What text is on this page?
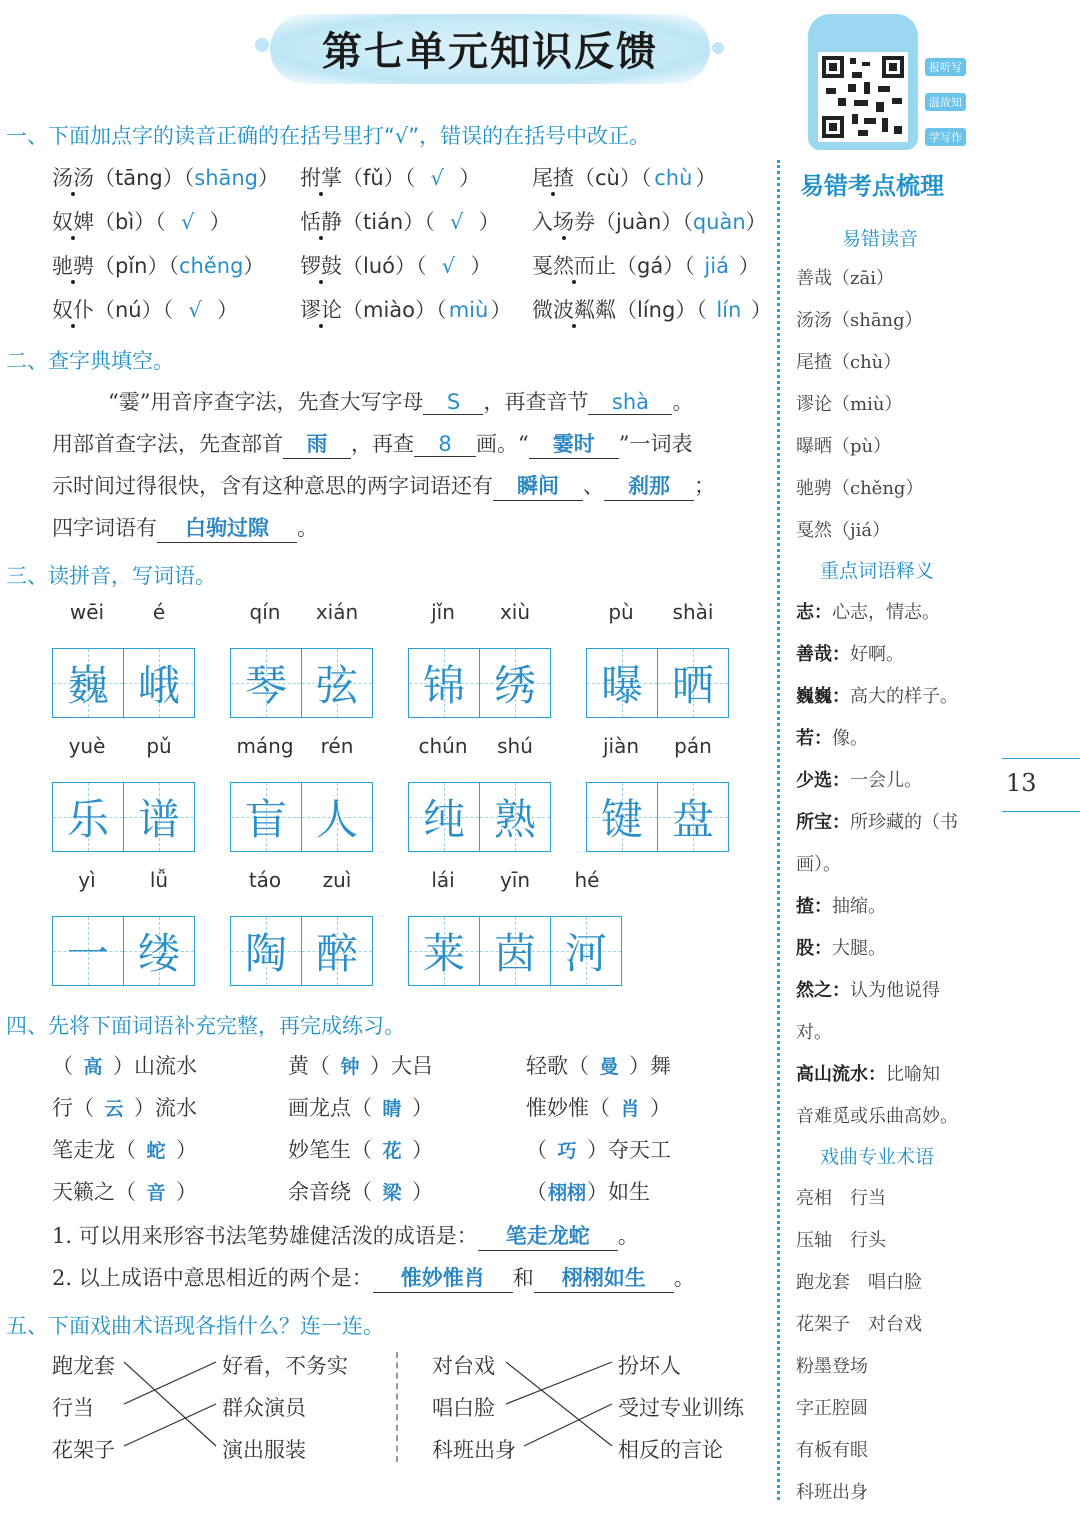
第七单元知识反馈	报听写
温故知
学写作
一、下面加点字的读音正确的在括号里打“√”，错误的在括号中改正。
汤汤（tāng）（shāng） 拊掌（fǔ）（ √ ） 尾揸（cù）（ chù ）
奴婢（bì）（ √ ）	恬静（tián）（ √ ） 入场券（juàn）（quàn）
驰骋（pǐn）（chěng） 锣鼓（luó）（ √ ） 戛然而止（gá）（ jiá ）
奴仆（nú）（ √ ）	谬论（miào）（ miù ） 微波粼粼（líng）（ lín ）
二、查字典填空。
“霎”用音序查字法，先查大写字母 S ，再查音节 shà 。
用部首查字法，先查部首 雨 ，再查 8 画。“ 霎时 ”一词表
示时间过得很快，含有这种意思的两字词语还有 瞬间 、 刹那 ；
四字词语有 白驹过隙 。
三、读拼音，写词语。
wēi	é
巍 峨
qín	xián
琴 弦
jǐn	xiù
锦 绣
pù	shài
曝 晒
yuè	pǔ
乐 谱
máng	rén
盲 人
chún	shú
纯 熟
jiàn	pán
键 盘
yì	lǚ
一 缕
táo	zuì
陶 醉
lái	yīn	hé
莱 茵 河
四、先将下面词语补充完整，再完成练习。
（ 高 ）山流水	黄（ 钟 ）大吕	轻歌（ 曼 ）舞
行（ 云 ）流水	画龙点（ 睛 ）	惟妙惟（ 肖 ）
笔走龙（ 蛇 ）	妙笔生（ 花 ）	（ 巧 ）夺天工
天籁之（ 音 ）	余音绕（ 梁 ）	（栩栩）如生
1. 可以用来形容书法笔势雄健活泼的成语是： 笔走龙蛇 。
2. 以上成语中意思相近的两个是： 惟妙惟肖 和 栩栩如生 。
五、下面戏曲术语现各指什么？连一连。
跑龙套
行当
花架子
好看，不务实
群众演员
演出服装
对台戏
唱白脸
科班出身
扮坏人
受过专业训练
相反的言论
易错考点梳理
易错读音
善哉（zāi）
汤汤（shāng）
尾揸（chù）
谬论（miù）
曝晒（pù）
驰骋（chěng）
戛然（jiá）
重点词语释义
志：心志，情志。
善哉：好啊。
巍巍：高大的样子。
若：像。
少选：一会儿。
所宝：所珍藏的（书
画）。
揸：抽缩。
股：大腿。
然之：认为他说得
对。
高山流水：比喻知
音难觅或乐曲高妙。
戏曲专业术语
亮相　行当
压轴　行头
跑龙套　唱白脸
花架子　对台戏
粉墨登场
字正腔圆
有板有眼
科班出身
13
